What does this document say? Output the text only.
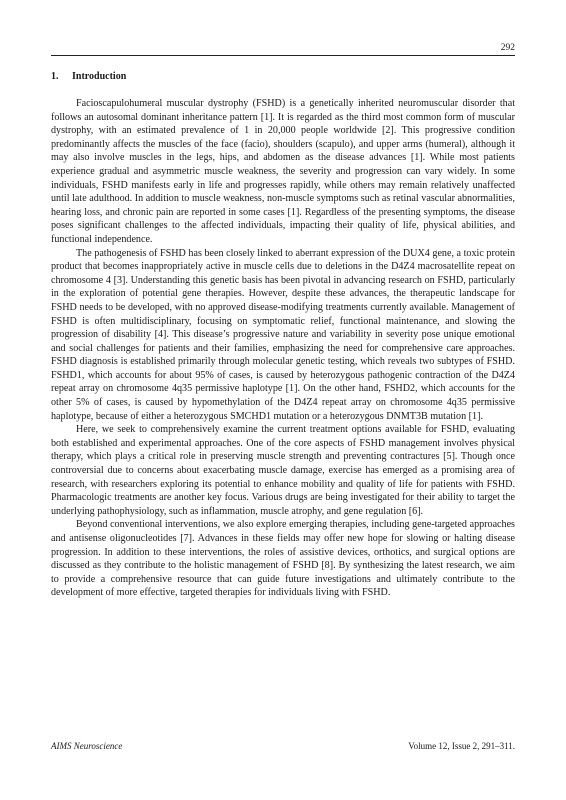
292
1. Introduction

Facioscapulohumeral muscular dystrophy (FSHD) is a genetically inherited neuromuscular disorder that follows an autosomal dominant inheritance pattern [1]. It is regarded as the third most common form of muscular dystrophy, with an estimated prevalence of 1 in 20,000 people worldwide [2]. This progressive condition predominantly affects the muscles of the face (facio), shoulders (scapulo), and upper arms (humeral), although it may also involve muscles in the legs, hips, and abdomen as the disease advances [1]. While most patients experience gradual and asymmetric muscle weakness, the severity and progression can vary widely. In some individuals, FSHD manifests early in life and progresses rapidly, while others may remain relatively unaffected until late adulthood. In addition to muscle weakness, non-muscle symptoms such as retinal vascular abnormalities, hearing loss, and chronic pain are reported in some cases [1]. Regardless of the presenting symptoms, the disease poses significant challenges to the affected individuals, impacting their quality of life, physical abilities, and functional independence.

The pathogenesis of FSHD has been closely linked to aberrant expression of the DUX4 gene, a toxic protein product that becomes inappropriately active in muscle cells due to deletions in the D4Z4 macrosatellite repeat on chromosome 4 [3]. Understanding this genetic basis has been pivotal in advancing research on FSHD, particularly in the exploration of potential gene therapies. However, despite these advances, the therapeutic landscape for FSHD needs to be developed, with no approved disease-modifying treatments currently available. Management of FSHD is often multidisciplinary, focusing on symptomatic relief, functional maintenance, and slowing the progression of disability [4]. This disease’s progressive nature and variability in severity pose unique emotional and social challenges for patients and their families, emphasizing the need for comprehensive care approaches. FSHD diagnosis is established primarily through molecular genetic testing, which reveals two subtypes of FSHD. FSHD1, which accounts for about 95% of cases, is caused by heterozygous pathogenic contraction of the D4Z4 repeat array on chromosome 4q35 permissive haplotype [1]. On the other hand, FSHD2, which accounts for the other 5% of cases, is caused by hypomethylation of the D4Z4 repeat array on chromosome 4q35 permissive haplotype, because of either a heterozygous SMCHD1 mutation or a heterozygous DNMT3B mutation [1].

Here, we seek to comprehensively examine the current treatment options available for FSHD, evaluating both established and experimental approaches. One of the core aspects of FSHD management involves physical therapy, which plays a critical role in preserving muscle strength and preventing contractures [5]. Though once controversial due to concerns about exacerbating muscle damage, exercise has emerged as a promising area of research, with researchers exploring its potential to enhance mobility and quality of life for patients with FSHD. Pharmacologic treatments are another key focus. Various drugs are being investigated for their ability to target the underlying pathophysiology, such as inflammation, muscle atrophy, and gene regulation [6].

Beyond conventional interventions, we also explore emerging therapies, including gene-targeted approaches and antisense oligonucleotides [7]. Advances in these fields may offer new hope for slowing or halting disease progression. In addition to these interventions, the roles of assistive devices, orthotics, and surgical options are discussed as they contribute to the holistic management of FSHD [8]. By synthesizing the latest research, we aim to provide a comprehensive resource that can guide future investigations and ultimately contribute to the development of more effective, targeted therapies for individuals living with FSHD.

AIMS Neuroscience	Volume 12, Issue 2, 291–311.
